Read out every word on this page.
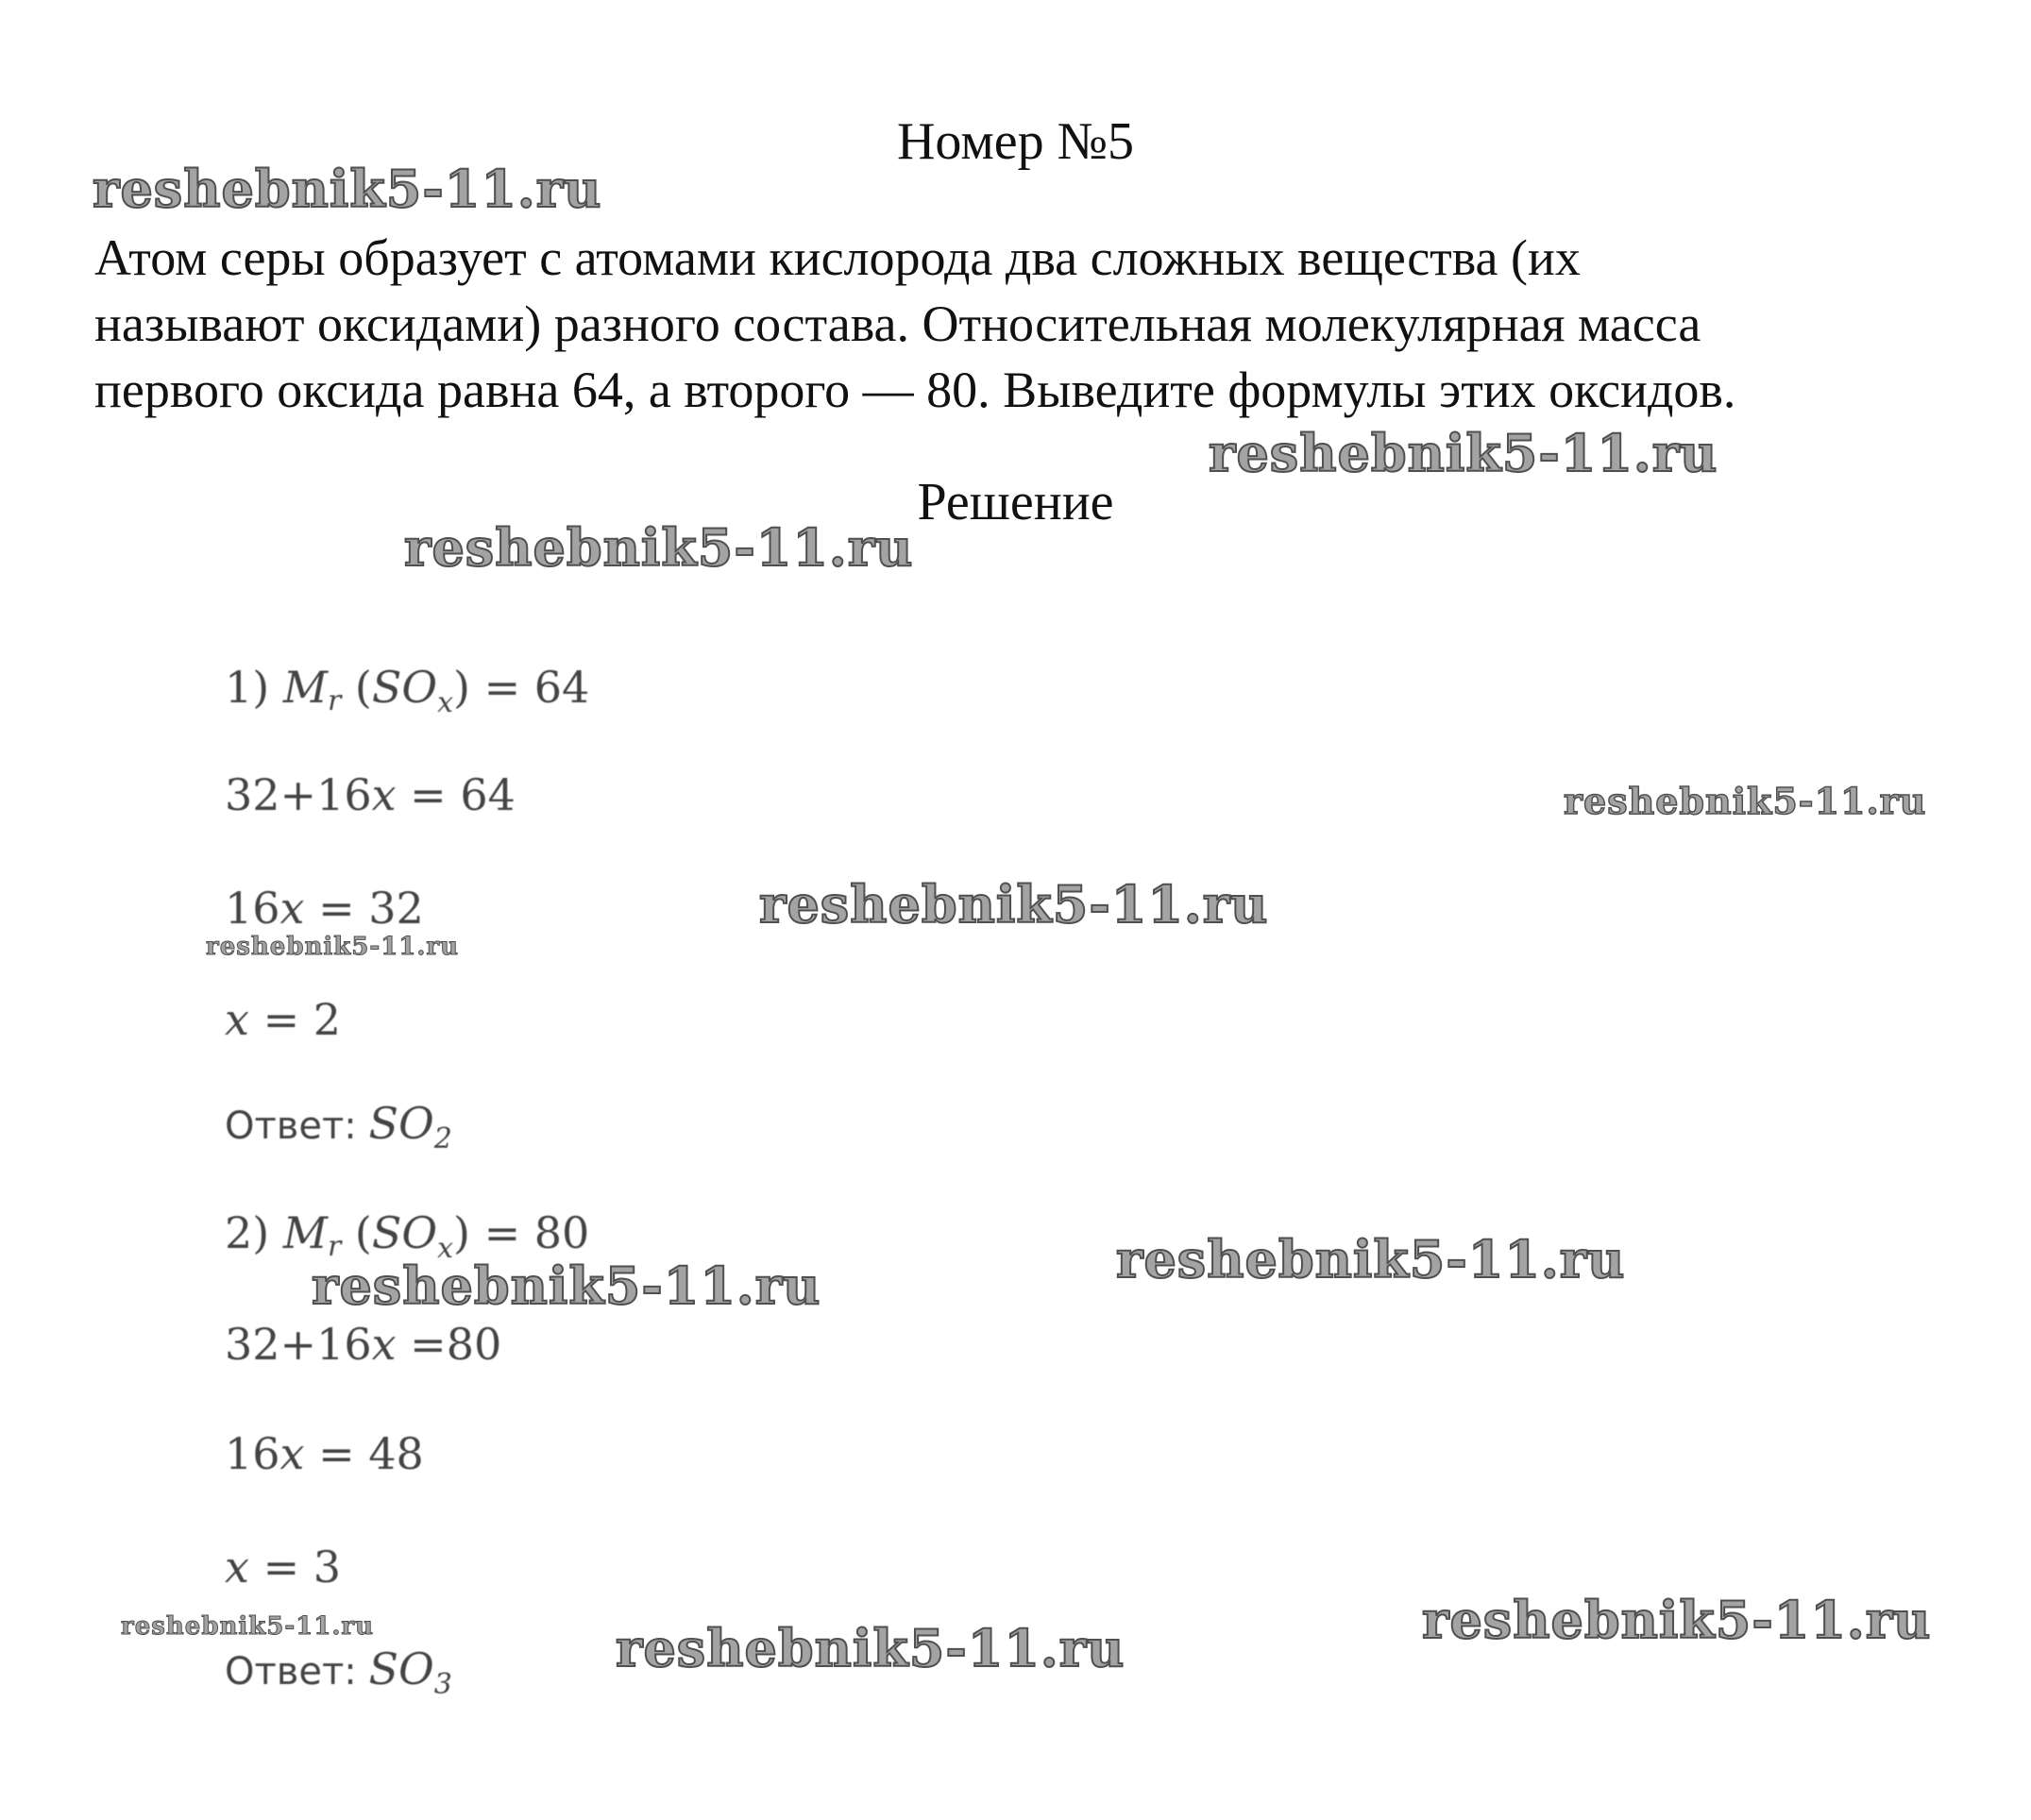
Номер №5
Атом серы образует с атомами кислорода два сложных вещества (их
называют оксидами) разного состава. Относительная молекулярная масса
первого оксида равна 64, а второго — 80. Выведите формулы этих оксидов.
Решение
1) Mr $(SO_x) = 64$
32+16x = 64
16x = 32
x = 2
Ответ: $SO_2$
2) Mr $(SO_x) = 80$
32+16x =80
16x = 48
x = 3
Ответ: $SO_3$
reshebnik5-11.ru
reshebnik5-11.ru
reshebnik5-11.ru
reshebnik5-11.ru
reshebnik5-11.ru
reshebnik5-11.ru
reshebnik5-11.ru
reshebnik5-11.ru
reshebnik5-11.ru
reshebnik5-11.ru	reshebnik5-11.ru
